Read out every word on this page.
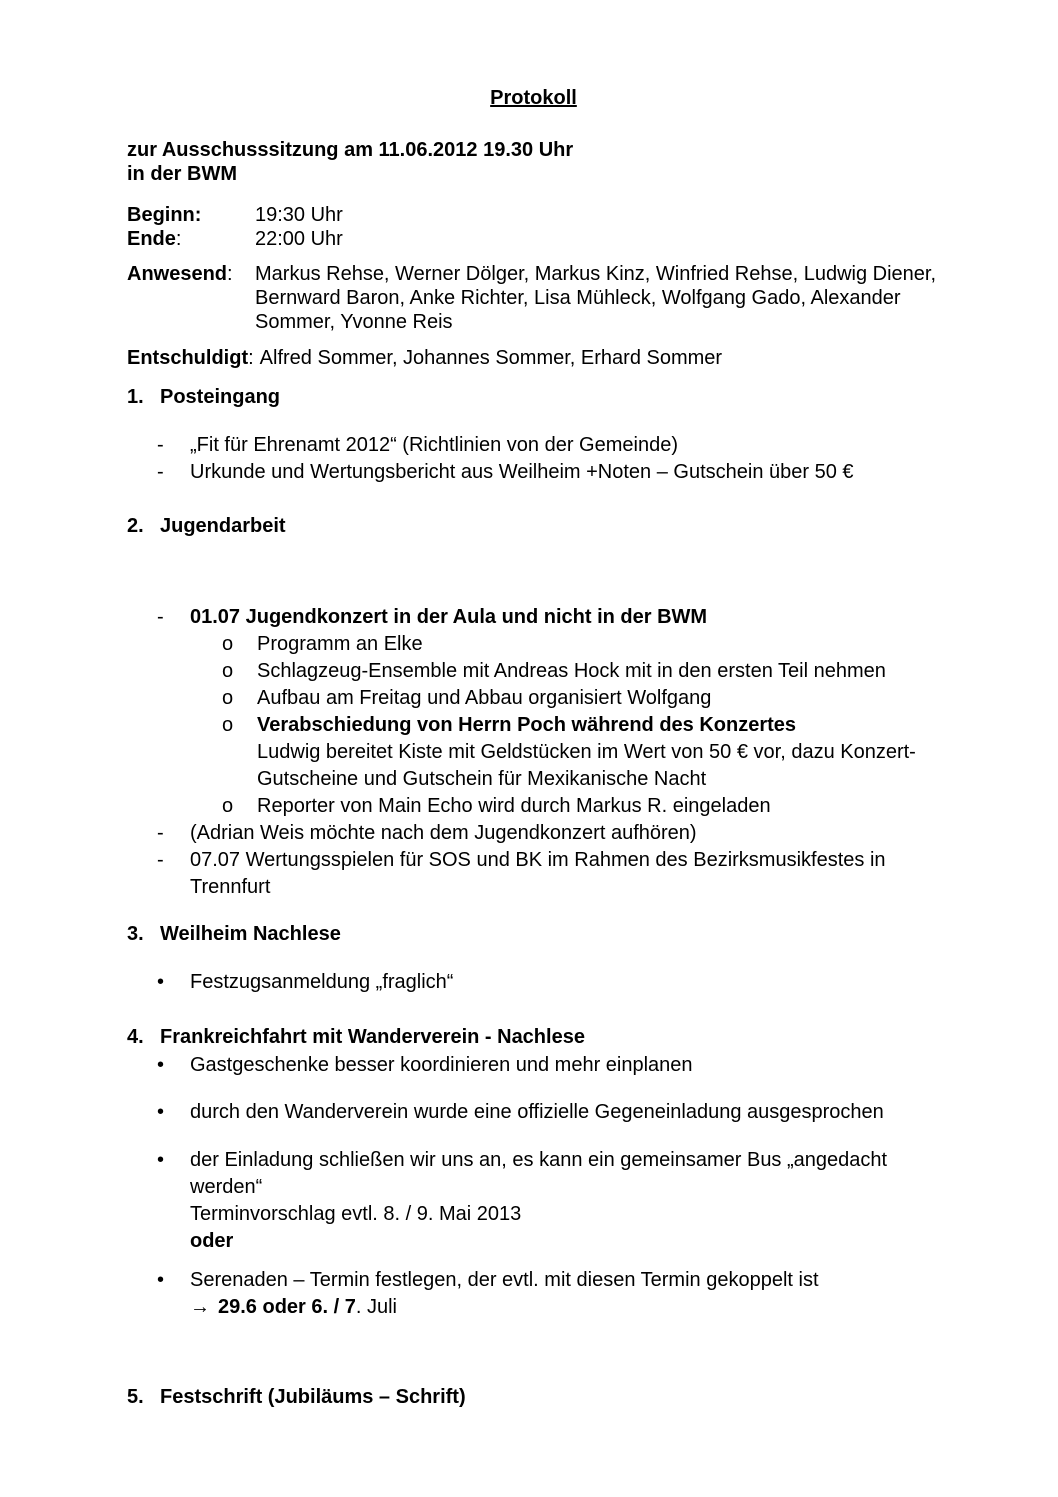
Protokoll
zur Ausschusssitzung am 11.06.2012 19.30 Uhr
in der BWM
Beginn:	19:30 Uhr
Ende:	22:00 Uhr
Anwesend:	Markus Rehse, Werner Dölger, Markus Kinz, Winfried Rehse, Ludwig Diener,
Bernward Baron, Anke Richter, Lisa Mühleck, Wolfgang Gado, Alexander
Sommer, Yvonne Reis
Entschuldigt: Alfred Sommer, Johannes Sommer, Erhard Sommer
1. Posteingang
-	„Fit für Ehrenamt 2012“ (Richtlinien von der Gemeinde)
-	Urkunde und Wertungsbericht aus Weilheim +Noten – Gutschein über 50 €
2. Jugendarbeit
-	01.07 Jugendkonzert in der Aula und nicht in der BWM
o	Programm an Elke
o	Schlagzeug-Ensemble mit Andreas Hock mit in den ersten Teil nehmen
o	Aufbau am Freitag und Abbau organisiert Wolfgang
o	Verabschiedung von Herrn Poch während des Konzertes
Ludwig bereitet Kiste mit Geldstücken im Wert von 50 € vor, dazu Konzert-
Gutscheine und Gutschein für Mexikanische Nacht
o	Reporter von Main Echo wird durch Markus R. eingeladen
-	(Adrian Weis möchte nach dem Jugendkonzert aufhören)
-	07.07 Wertungsspielen für SOS und BK im Rahmen des Bezirksmusikfestes in
Trennfurt
3. Weilheim Nachlese
•	Festzugsanmeldung „fraglich“
4. Frankreichfahrt mit Wanderverein - Nachlese
•	Gastgeschenke besser koordinieren und mehr einplanen
•	durch den Wanderverein wurde eine offizielle Gegeneinladung ausgesprochen
•	der Einladung schließen wir uns an, es kann ein gemeinsamer Bus „angedacht
werden“
Terminvorschlag evtl. 8. / 9. Mai 2013
oder
•	Serenaden – Termin festlegen, der evtl. mit diesen Termin gekoppelt ist
→ 29.6 oder 6. / 7. Juli
5. Festschrift (Jubiläums – Schrift)
